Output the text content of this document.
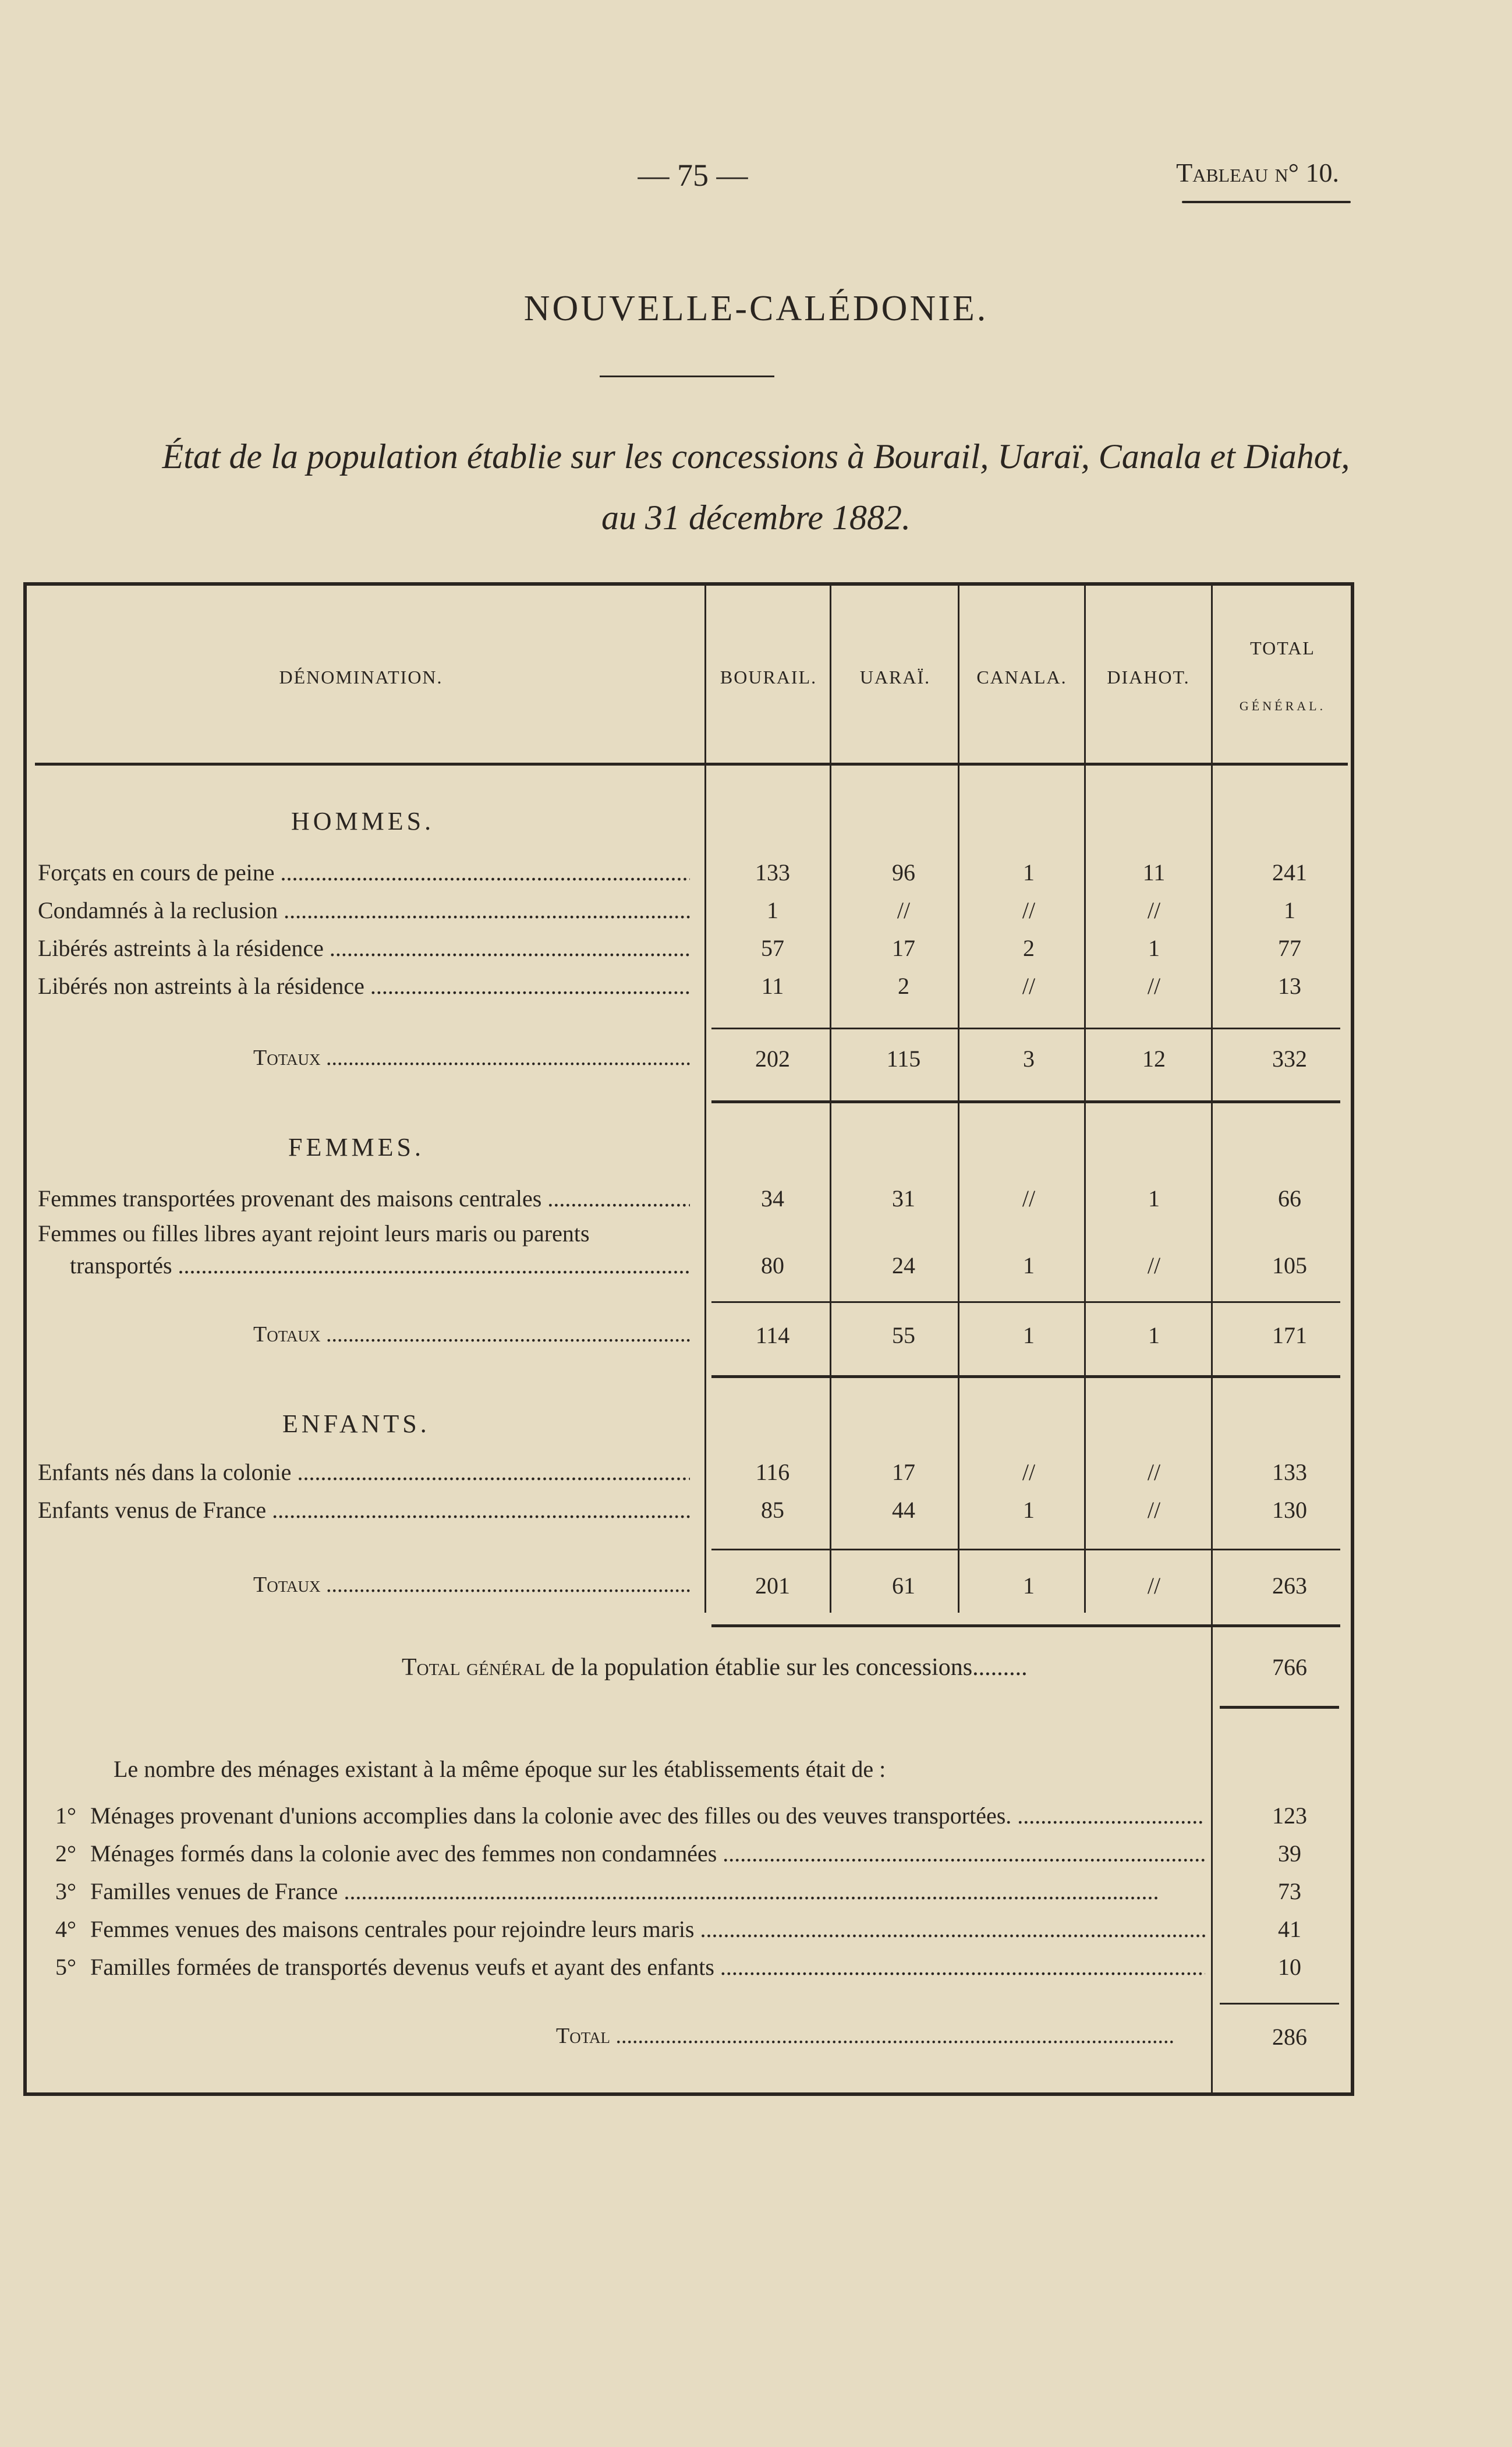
— 75 —	Tableau n° 10.
NOUVELLE-CALÉDONIE.
État de la population établie sur les concessions à Bourail, Uaraï, Canala et Diahot,
au 31 décembre 1882.
DÉNOMINATION.	BOURAIL.	UARAÏ.	CANALA.	DIAHOT.
TOTAL
GÉNÉRAL.
HOMMES.
Forçats en cours de peine .....	133	96	1	11	241
Condamnés à la reclusion .....	1	//	//	//	1
Libérés astreints à la résidence .....	57	17	2	1	77
Libérés non astreints à la résidence .....	11	2	//	//	13
Totaux .....	202	115	3	12	332
FEMMES.
Femmes transportées provenant des maisons centrales .....	34	31	//	1	66
Femmes ou filles libres ayant rejoint leurs maris ou parents
transportés .....	80	24	1	//	105
Totaux .....	114	55	1	1	171
ENFANTS.
Enfants nés dans la colonie .....	116	17	//	//	133
Enfants venus de France .....	85	44	1	//	130
Totaux .....	201	61	1	//	263
Total général de la population établie sur les concessions.........	766
Le nombre des ménages existant à la même époque sur les établissements était de :
1° Ménages provenant d'unions accomplies dans la colonie avec des filles ou des veuves transportées. .....	123
2° Ménages formés dans la colonie avec des femmes non condamnées .....	39
3° Familles venues de France .....	73
4° Femmes venues des maisons centrales pour rejoindre leurs maris .....	41
5° Familles formées de transportés devenus veufs et ayant des enfants .....	10
Total .....	286
